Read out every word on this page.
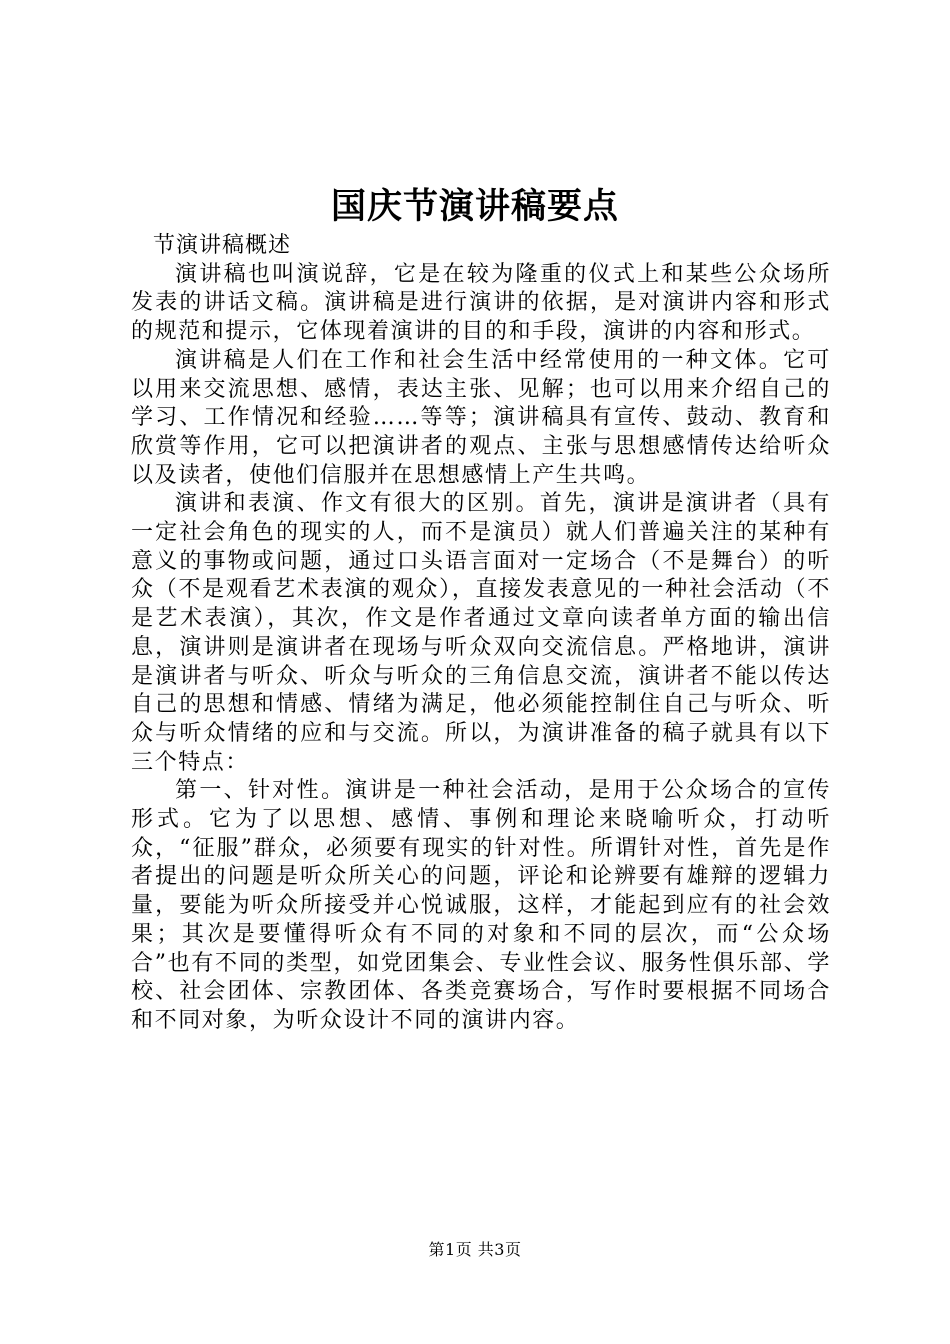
国庆节演讲稿要点

节演讲稿概述

演讲稿也叫演说辞，它是在较为隆重的仪式上和某些公众场所发表的讲话文稿。演讲稿是进行演讲的依据，是对演讲内容和形式的规范和提示，它体现着演讲的目的和手段，演讲的内容和形式。

演讲稿是人们在工作和社会生活中经常使用的一种文体。它可以用来交流思想、感情，表达主张、见解；也可以用来介绍自己的学习、工作情况和经验……等等；演讲稿具有宣传、鼓动、教育和欣赏等作用，它可以把演讲者的观点、主张与思想感情传达给听众以及读者，使他们信服并在思想感情上产生共鸣。

演讲和表演、作文有很大的区别。首先，演讲是演讲者（具有一定社会角色的现实的人，而不是演员）就人们普遍关注的某种有意义的事物或问题，通过口头语言面对一定场合（不是舞台）的听众（不是观看艺术表演的观众），直接发表意见的一种社会活动（不是艺术表演），其次，作文是作者通过文章向读者单方面的输出信息，演讲则是演讲者在现场与听众双向交流信息。严格地讲，演讲是演讲者与听众、听众与听众的三角信息交流，演讲者不能以传达自己的思想和情感、情绪为满足，他必须能控制住自己与听众、听众与听众情绪的应和与交流。所以，为演讲准备的稿子就具有以下三个特点：

第一、针对性。演讲是一种社会活动，是用于公众场合的宣传形式。它为了以思想、感情、事例和理论来晓喻听众，打动听众，“征服”群众，必须要有现实的针对性。所谓针对性，首先是作者提出的问题是听众所关心的问题，评论和论辨要有雄辩的逻辑力量，要能为听众所接受并心悦诚服，这样，才能起到应有的社会效果；其次是要懂得听众有不同的对象和不同的层次，而“公众场合”也有不同的类型，如党团集会、专业性会议、服务性俱乐部、学校、社会团体、宗教团体、各类竞赛场合，写作时要根据不同场合和不同对象，为听众设计不同的演讲内容。

第1页 共3页
